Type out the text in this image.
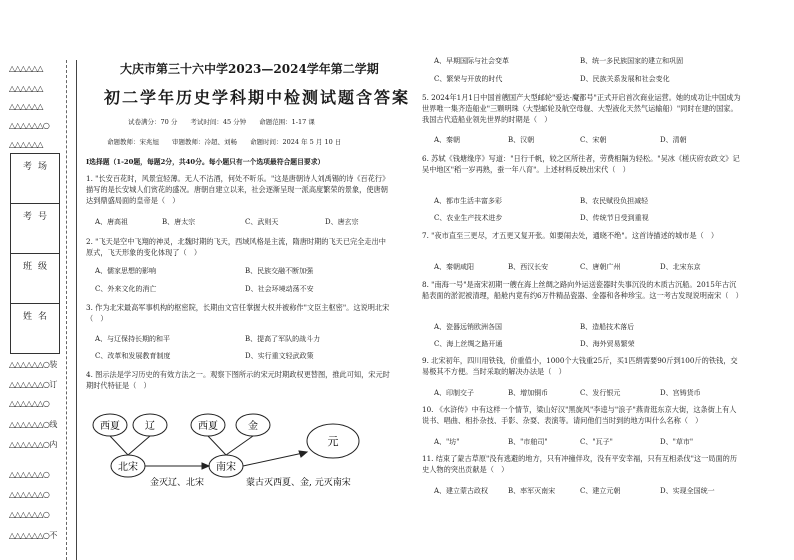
△△△△△△
△△△△△△
△△△△△△
△△△△△△○
△△△△△△
考场
考号
班级
姓名
△△△△△△○装
△△△△△△○订
△△△△△△○
△△△△△△○线
△△△△△△○内
△△△△△△○
△△△△△△○
△△△△△△○
△△△△△△○不
大庆市第三十六中学2023—2024学年第二学期
初二学年历史学科期中检测试题含答案
试卷满分：70 分　　考试时间：45 分钟　　命题范围：1-17 课
命题教师：宋兆旭　　审题教师：冷超、刘畅　　命题时间：2024 年 5 月 10 日
Ⅰ选择题（1-20题，每题2分，共40分。每小题只有一个选项最符合题目要求）
1. "长安百花时，风景宜轻薄。无人不沽酒，何处不听乐。"这是唐朝诗人刘禹锡的诗《百花行》描写的是长安城人们赏花的盛况。唐朝自建立以来，社会逐渐呈现一派高度繁荣的景象，使唐朝达到鼎盛局面的皇帝是（　）
A、唐高祖	B、唐太宗	C、武则天	D、唐玄宗
2. "飞天是空中飞翔的神灵，北魏时期的飞天，西域风格是主流，隋唐时期的飞天已完全走出中原式，飞天形象的变化体现了（　）
A、儒家思想的影响	B、民族交融不断加强
C、外来文化的消亡	D、社会环境动荡不安
3. 作为北宋最高军事机构的枢密院，长期由文官任掌握大权并被称作"文臣主枢密"。这说明北宋（　）
A、与辽保持长期的和平	B、提高了军队的战斗力
C、改革和发展教育制度	D、实行重文轻武政策
4. 图示法是学习历史的有效方法之一。观察下图所示的宋元时期政权更替图，推此可知，宋元时期时代特征是（　）
西夏	辽	西夏	金
元
北宋	南宋
金灭辽、北宋	蒙古灭西夏、金, 元灭南宋
A、早期国际与社会变革	B、统一多民族国家的建立和巩固
C、繁荣与开放的时代	D、民族关系发展和社会变化
5. 2024年1月1日中国首艘国产大型邮轮"爱达·魔都号"正式开启首次商业运营。她的成功让中国成为世界唯一集齐造船业"三颗明珠（大型邮轮及航空母舰、大型液化天然气运输船）"同时在建的国家。我国古代造船业领先世界的时期是（　）
A、秦朝	B、汉朝	C、宋朝	D、清朝
6. 苏轼《钱塘缘序》写道："日行千帆，较之区所往者，劳费相隔为轻松。"吴冰《槎庆府农政文》记吴中地区"稻一岁再熟，蚕一年八育"。上述材料反映出宋代（　）
A、都市生活丰富多彩	B、农民赋役负担减轻
C、农业生产技术进步	D、传统节日受到重视
7. "夜市直至三更尽，才五更又复开张。如要闹去处，通晓不绝"。这首诗描述的城市是（　）
A、秦朝咸阳	B、西汉长安	C、唐朝广州	D、北宋东京
8. "南海一号"是南宋初期一艘在海上丝绸之路向外运送瓷器时失事沉没的木质古沉船。2015年古沉船表面的淤泥被清理，船舱内竟有约6万件精品瓷器、金器和各种珍宝。这一考古发现说明南宋（　）
A、瓷器远销欧洲各国	B、造船技术落后
C、海上丝绸之路开通	D、海外贸易繁荣
9. 北宋初年，四川用铁钱，价重值小，1000个大钱重25斤，买1匹绢需要90斤到100斤的铁钱，交易极其不方便。当时采取的解决办法是（　）
A、印制交子	B、增加铜币	C、发行银元	D、宫铸货币
10. 《水浒传》中有这样一个情节，梁山好汉"黑旋风"李逵与"浪子"燕青逛东京大街，这条街上有人说书、唱曲、相扑杂技、手影、杂耍、表演等。请问他们当时到的地方叫什么名称（　）
A、"坊"	B、"市舶司"	C、"瓦子"	D、"草市"
11. 结束了蒙古草原"没有逃避的地方，只有冲撞伴攻，没有平安幸福，只有互相杀伐"这一局面的历史人物的突出贡献是（　）
A、建立蒙古政权	B、率军灭南宋	C、建立元朝	D、实现全国统一
